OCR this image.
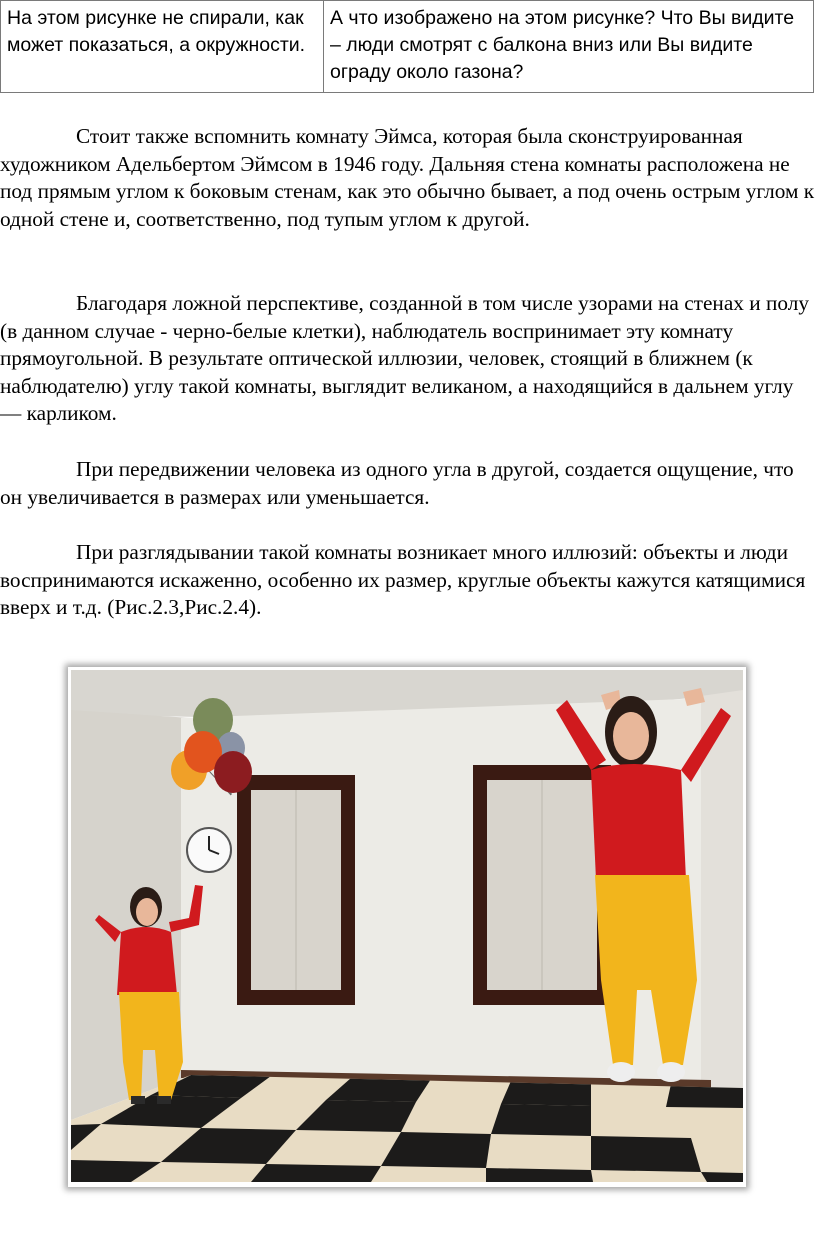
На этом рисунке не спирали, как может показаться, а окружности.	А что изображено на этом рисунке? Что Вы видите – люди смотрят с балкона вниз или Вы видите ограду около газона?

Стоит также вспомнить комнату Эймса, которая была сконструированная художником Адельбертом Эймсом в 1946 году. Дальняя стена комнаты расположена не под прямым углом к боковым стенам, как это обычно бывает, а под очень острым углом к одной стене и, соответственно, под тупым углом к другой.

Благодаря ложной перспективе, созданной в том числе узорами на стенах и полу (в данном случае - черно-белые клетки), наблюдатель воспринимает эту комнату прямоугольной. В результате оптической иллюзии, человек, стоящий в ближнем (к наблюдателю) углу такой комнаты, выглядит великаном, а находящийся в дальнем углу — карликом.

При передвижении человека из одного угла в другой, создается ощущение, что он увеличивается в размерах или уменьшается.

При разглядывании такой комнаты возникает много иллюзий: объекты и люди воспринимаются искаженно, особенно их размер, круглые объекты кажутся катящимися вверх и т.д. (Рис.2.3,Рис.2.4).
